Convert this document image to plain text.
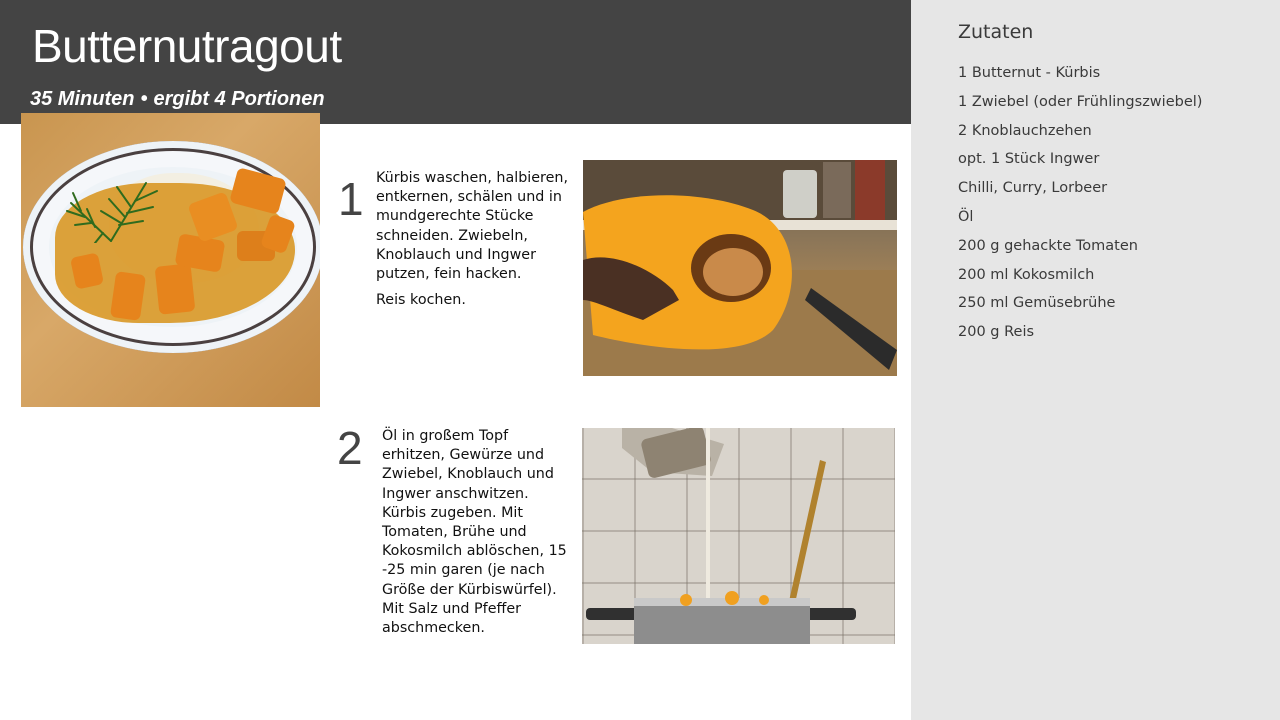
Butternutragout
35 Minuten • ergibt 4 Portionen
1 Kürbis waschen, halbieren, entkernen, schälen und in mundgerechte Stücke schneiden. Zwiebeln, Knoblauch und Ingwer putzen, fein hacken.

Reis kochen.

2 Öl in großem Topf erhitzen, Gewürze und Zwiebel, Knoblauch und Ingwer anschwitzen. Kürbis zugeben. Mit Tomaten, Brühe und Kokosmilch ablöschen, 15 -25 min garen (je nach Größe der Kürbiswürfel). Mit Salz und Pfeffer abschmecken.

Zutaten
1 Butternut - Kürbis
1 Zwiebel (oder Frühlingszwiebel)
2 Knoblauchzehen
opt. 1 Stück Ingwer
Chilli, Curry, Lorbeer
Öl
200 g gehackte Tomaten
200 ml Kokosmilch
250 ml Gemüsebrühe
200 g Reis
